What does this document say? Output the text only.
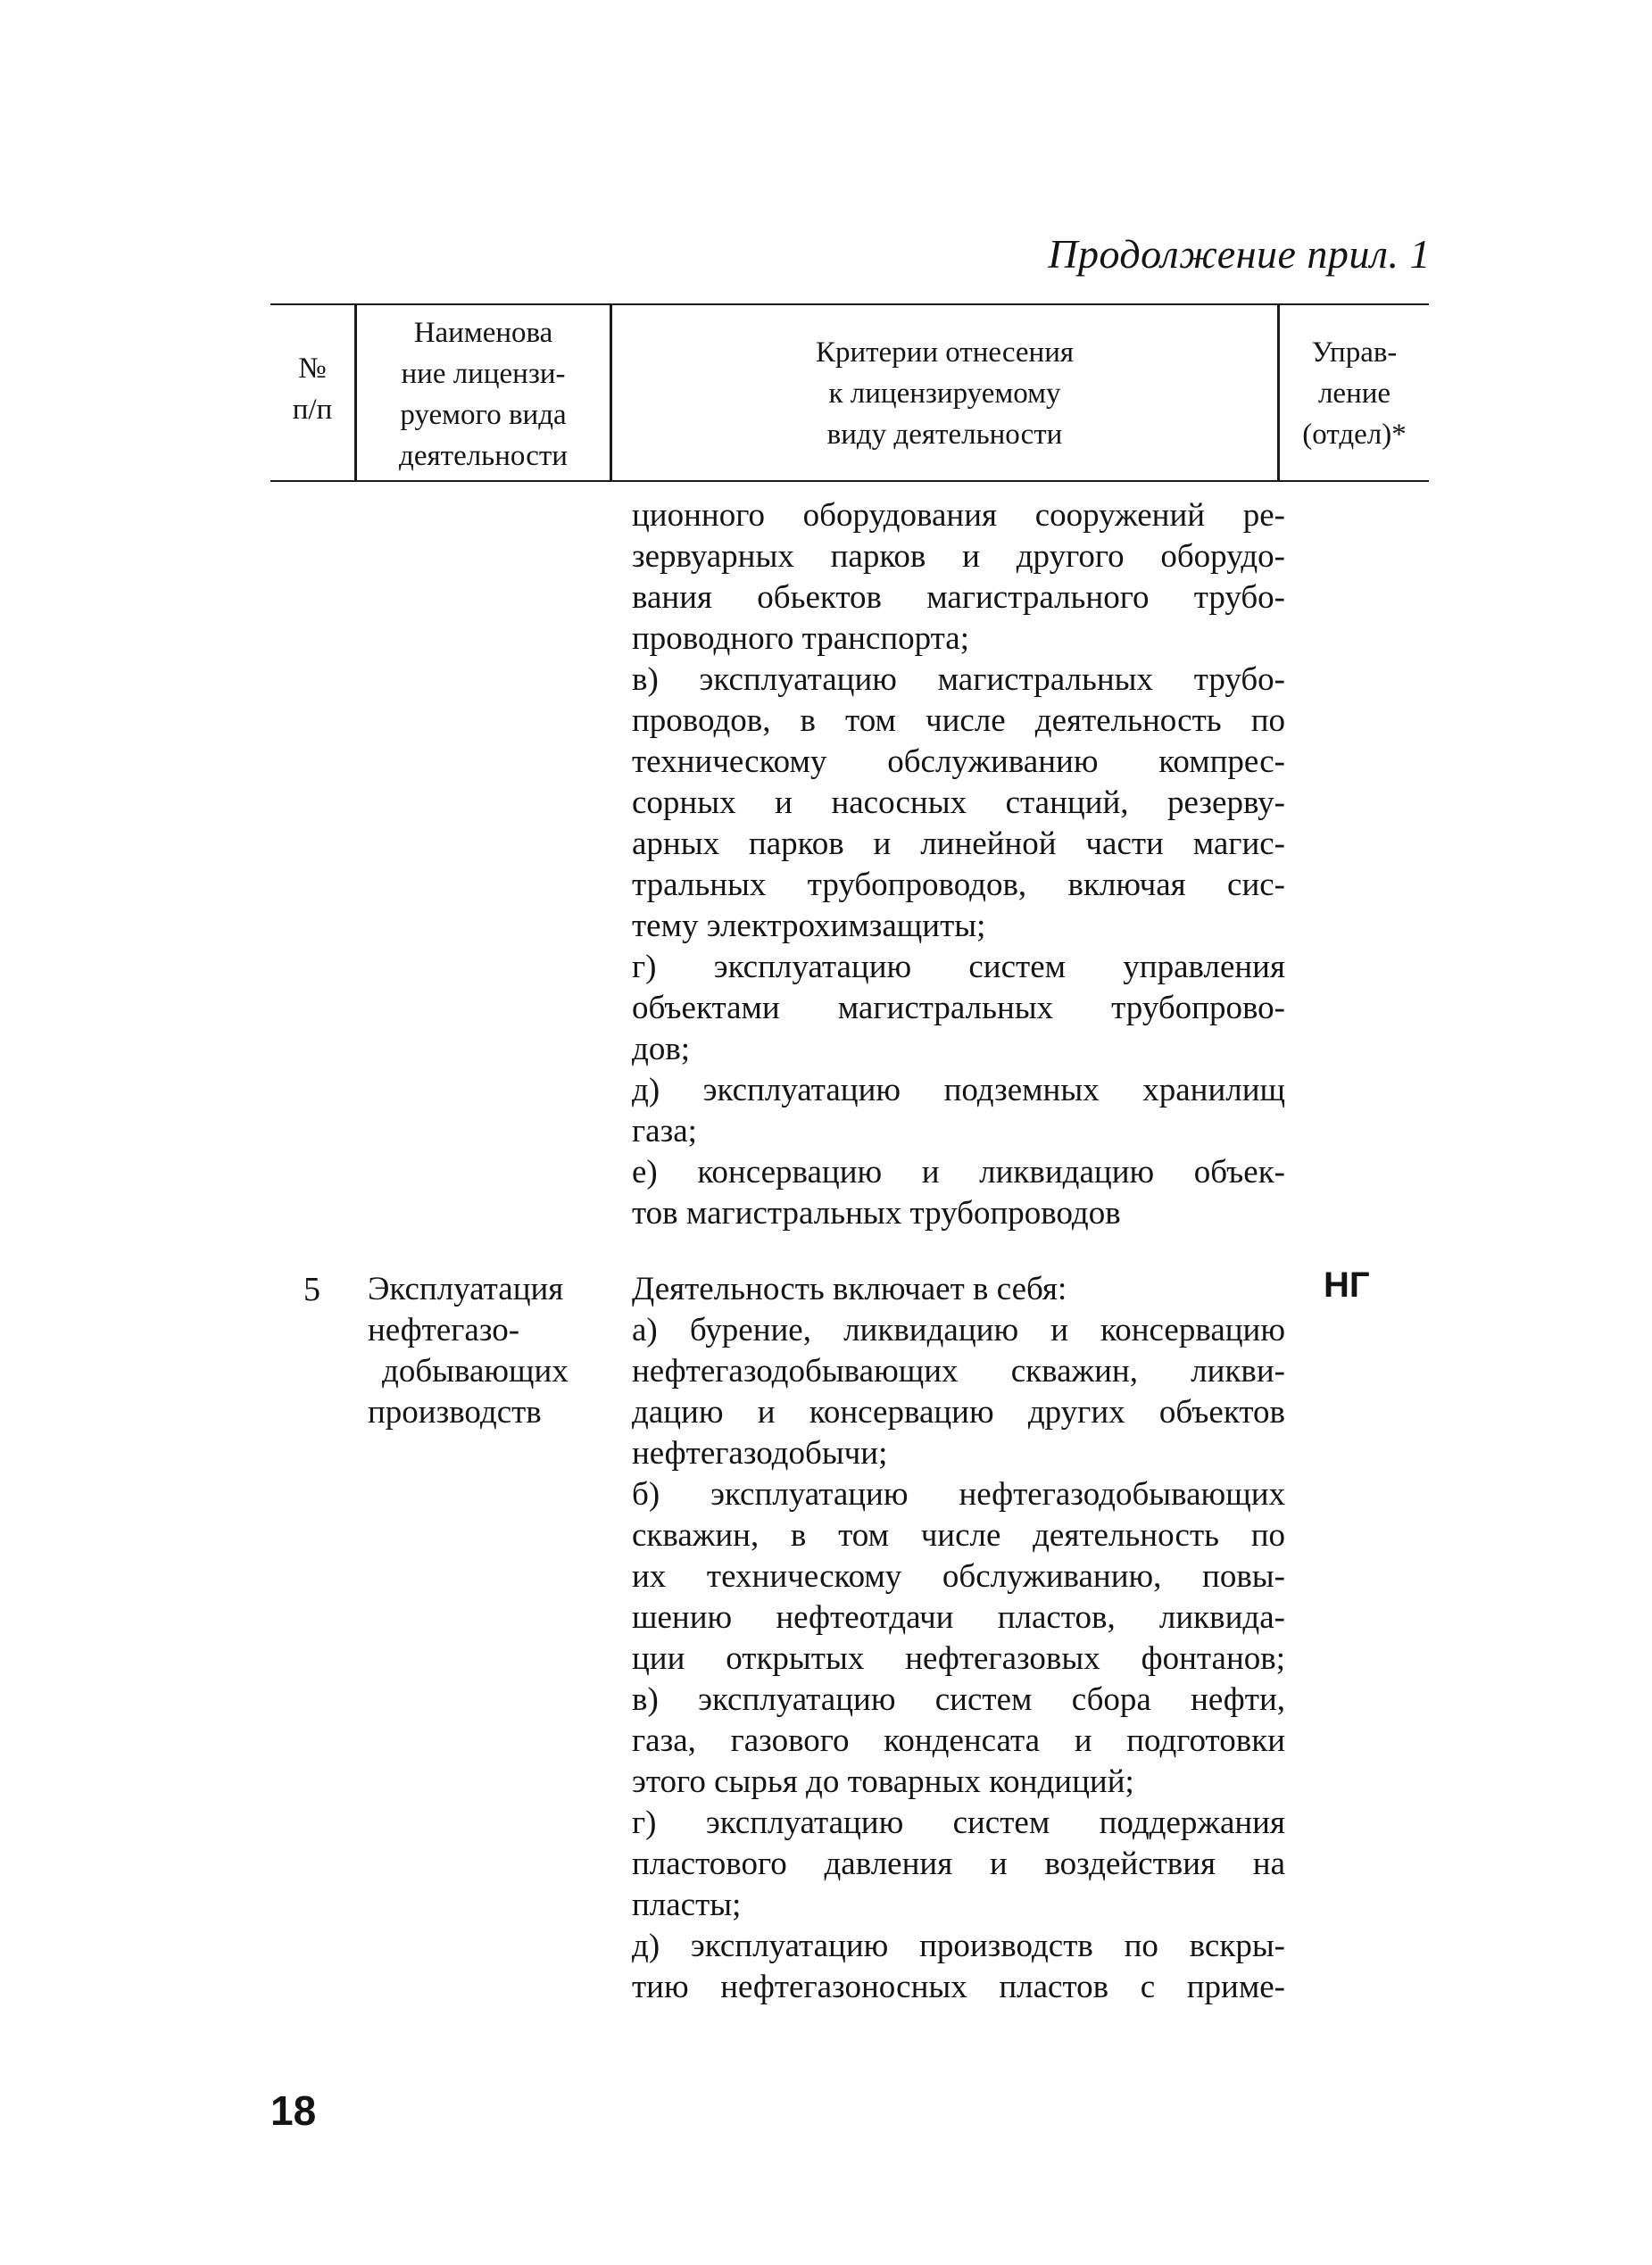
Продолжение прил. 1
№
п/п
Наименова
ние лицензи-
руемого вида
деятельности
Критерии отнесения
к лицензируемому
виду деятельности
Управ-
ление
(отдел)*
ционного оборудования сооружений ре-
зервуарных парков и другого оборудо-
вания обьектов магистрального трубо-
проводного транспорта;
в) эксплуатацию магистральных трубо-
проводов, в том числе деятельность по
техническому обслуживанию компрес-
сорных и насосных станций, резерву-
арных парков и линейной части магис-
тральных трубопроводов, включая сис-
тему электрохимзащиты;
г) эксплуатацию систем управления
объектами магистральных трубопрово-
дов;
д) эксплуатацию подземных хранилищ
газа;
е) консервацию и ликвидацию объек-
тов магистральных трубопроводов
5 Эксплуатация
нефтегазо-
добывающих
производств
Деятельность включает в себя:
а) бурение, ликвидацию и консервацию
нефтегазодобывающих скважин, ликви-
дацию и консервацию других объектов
нефтегазодобычи;
б) эксплуатацию нефтегазодобывающих
скважин, в том числе деятельность по
их техническому обслуживанию, повы-
шению нефтеотдачи пластов, ликвида-
ции открытых нефтегазовых фонтанов;
в) эксплуатацию систем сбора нефти,
газа, газового конденсата и подготовки
этого сырья до товарных кондиций;
г) эксплуатацию систем поддержания
пластового давления и воздействия на
пласты;
д) эксплуатацию производств по вскры-
тию нефтегазоносных пластов с приме-
НГ
18
